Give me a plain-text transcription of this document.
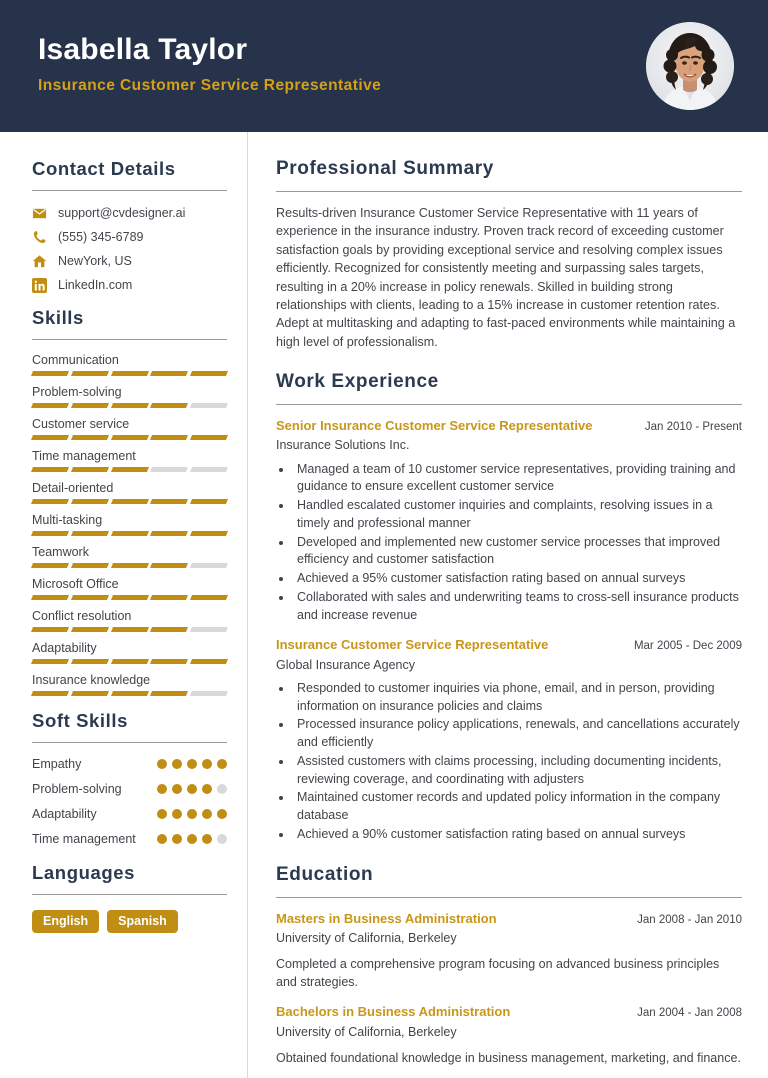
Isabella Taylor
Insurance Customer Service Representative
Contact Details
support@cvdesigner.ai
(555) 345-6789
NewYork, US
LinkedIn.com
Skills
Communication
Problem-solving
Customer service
Time management
Detail-oriented
Multi-tasking
Teamwork
Microsoft Office
Conflict resolution
Adaptability
Insurance knowledge
Soft Skills
Empathy
Problem-solving
Adaptability
Time management
Languages
English	Spanish
Professional Summary

Results-driven Insurance Customer Service Representative with 11 years of experience in the insurance industry. Proven track record of exceeding customer satisfaction goals by providing exceptional service and resolving complex issues efficiently. Recognized for consistently meeting and surpassing sales targets, resulting in a 20% increase in policy renewals. Skilled in building strong relationships with clients, leading to a 15% increase in customer retention rates. Adept at multitasking and adapting to fast-paced environments while maintaining a high level of professionalism.

Work Experience
Senior Insurance Customer Service Representative	Jan 2010 - Present
Insurance Solutions Inc.
• Managed a team of 10 customer service representatives, providing training and guidance to ensure excellent customer service
• Handled escalated customer inquiries and complaints, resolving issues in a timely and professional manner
• Developed and implemented new customer service processes that improved efficiency and customer satisfaction
• Achieved a 95% customer satisfaction rating based on annual surveys
• Collaborated with sales and underwriting teams to cross-sell insurance products and increase revenue
Insurance Customer Service Representative	Mar 2005 - Dec 2009
Global Insurance Agency
• Responded to customer inquiries via phone, email, and in person, providing information on insurance policies and claims
• Processed insurance policy applications, renewals, and cancellations accurately and efficiently
• Assisted customers with claims processing, including documenting incidents, reviewing coverage, and coordinating with adjusters
• Maintained customer records and updated policy information in the company database
• Achieved a 90% customer satisfaction rating based on annual surveys
Education
Masters in Business Administration	Jan 2008 - Jan 2010
University of California, Berkeley
Completed a comprehensive program focusing on advanced business principles and strategies.
Bachelors in Business Administration	Jan 2004 - Jan 2008
University of California, Berkeley
Obtained foundational knowledge in business management, marketing, and finance.
